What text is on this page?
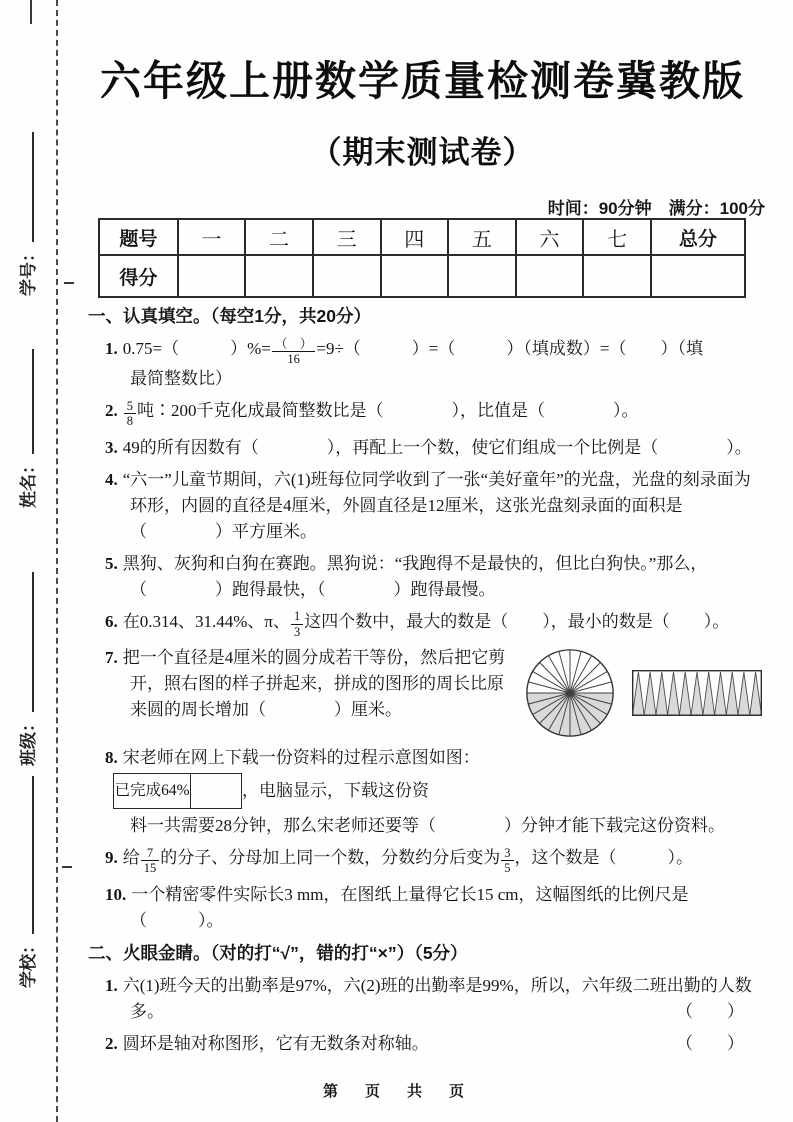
学号：
姓名：
班级：
学校：
六年级上册数学质量检测卷冀教版
（期末测试卷）
时间：90分钟　满分：100分
题号	一	二	三	四	五	六	七	总分
得分								

一、认真填空。（每空1分，共20分）

1. 0.75=（　　　）%= $\frac{( )}{16} =9\div$（　　　）=（　　　）（填成数）=（　　）（填
最简整数比）

2. $\frac{5}{8}$ 吨∶200千克化成最简整数比是（　　　　），比值是（　　　　）。

3. 49的所有因数有（　　　　），再配上一个数，使它们组成一个比例是（　　　　）。

4. “六一”儿童节期间，六(1)班每位同学收到了一张“美好童年”的光盘，光盘的刻录面为环形，内圆的直径是4厘米，外圆直径是12厘米，这张光盘刻录面的面积是（　　　　）平方厘米。

5. 黑狗、灰狗和白狗在赛跑。黑狗说：“我跑得不是最快的，但比白狗快。”那么，（　　　　）跑得最快，（　　　　）跑得最慢。

6. 在0.314、31.44%、π、 $\frac{1}{3}$ 这四个数中，最大的数是（　　），最小的数是（　　）。

7. 把一个直径是4厘米的圆分成若干等份，然后把它剪开，照右图的样子拼起来，拼成的图形的周长比原来圆的周长增加（　　　　）厘米。

8. 宋老师在网上下载一份资料的过程示意图如图：

已完成64%	，电脑显示，下载这份资

料一共需要28分钟，那么宋老师还要等（　　　　）分钟才能下载完这份资料。

9. 给 $\frac{7}{15}$ 的分子、分母加上同一个数，分数约分后变为 $\frac{3}{5}$ ，这个数是（　　　）。

10. 一个精密零件实际长3 mm，在图纸上量得它长15 cm，这幅图纸的比例尺是（　　　）。

二、火眼金睛。（对的打“√”，错的打“×”）（5分）

1. 六(1)班今天的出勤率是97%，六(2)班的出勤率是99%，所以，六年级二班出勤的人数多。	（　　）

2. 圆环是轴对称图形，它有无数条对称轴。	（　　）

第　页　共　页
